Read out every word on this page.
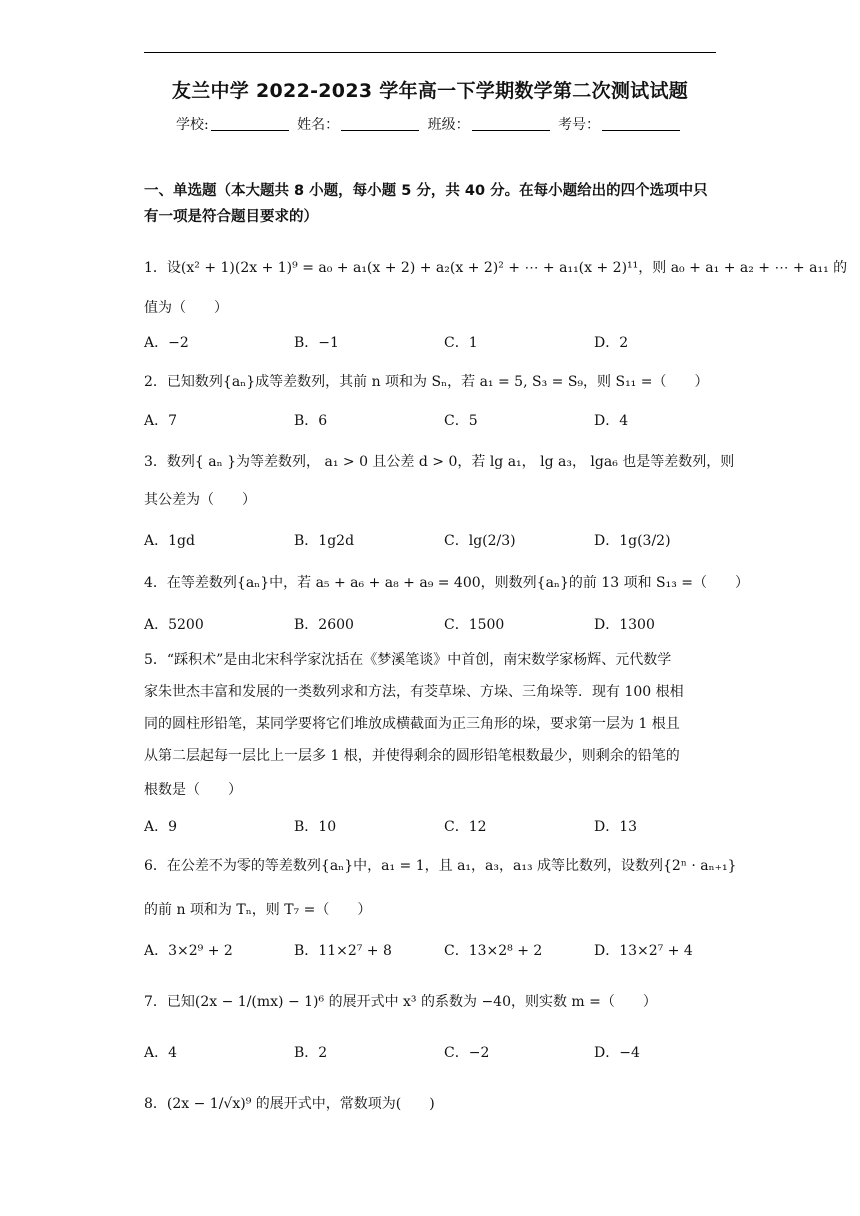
友兰中学 2022-2023 学年高一下学期数学第二次测试试题
学校:	姓名：	班级：	考号：
一、单选题（本大题共 8 小题，每小题 5 分，共 40 分。在每小题给出的四个选项中只有一项是符合题目要求的）
1．设(x² + 1)(2x + 1)⁹ = a₀ + a₁(x + 2) + a₂(x + 2)² + ⋯ + a₁₁(x + 2)¹¹，则 a₀ + a₁ + a₂ + ⋯ + a₁₁ 的
值为（　　）
A．−2	B．−1	C．1	D．2
2．已知数列{aₙ}成等差数列，其前 n 项和为 Sₙ，若 a₁ = 5, S₃ = S₉，则 S₁₁ =（　　）
A．7	B．6	C．5	D．4
3．数列{ aₙ }为等差数列， a₁ > 0 且公差 d > 0，若 lg a₁， lg a₃， lga₆ 也是等差数列，则
其公差为（　　）
A．1gd	B．1g2d	C．lg(2/3)	D．1g(3/2)
4．在等差数列{aₙ}中，若 a₅ + a₆ + a₈ + a₉ = 400，则数列{aₙ}的前 13 项和 S₁₃ =（　　）
A．5200	B．2600	C．1500	D．1300
5．“踩积术”是由北宋科学家沈括在《梦溪笔谈》中首创，南宋数学家杨辉、元代数学
家朱世杰丰富和发展的一类数列求和方法，有茭草垛、方垛、三角垛等．现有 100 根相
同的圆柱形铅笔，某同学要将它们堆放成横截面为正三角形的垛，要求第一层为 1 根且
从第二层起每一层比上一层多 1 根，并使得剩余的圆形铅笔根数最少，则剩余的铅笔的
根数是（　　）
A．9	B．10	C．12	D．13
6．在公差不为零的等差数列{aₙ}中，a₁ = 1，且 a₁，a₃，a₁₃ 成等比数列，设数列{2ⁿ · aₙ₊₁}
的前 n 项和为 Tₙ，则 T₇ =（　　）
A．3×2⁹ + 2	B．11×2⁷ + 8	C．13×2⁸ + 2	D．13×2⁷ + 4
7．已知(2x − 1/(mx) − 1)⁶ 的展开式中 x³ 的系数为 −40，则实数 m =（　　）
A．4	B．2	C．−2	D．−4
8．(2x − 1/√x)⁹ 的展开式中，常数项为(　　)
